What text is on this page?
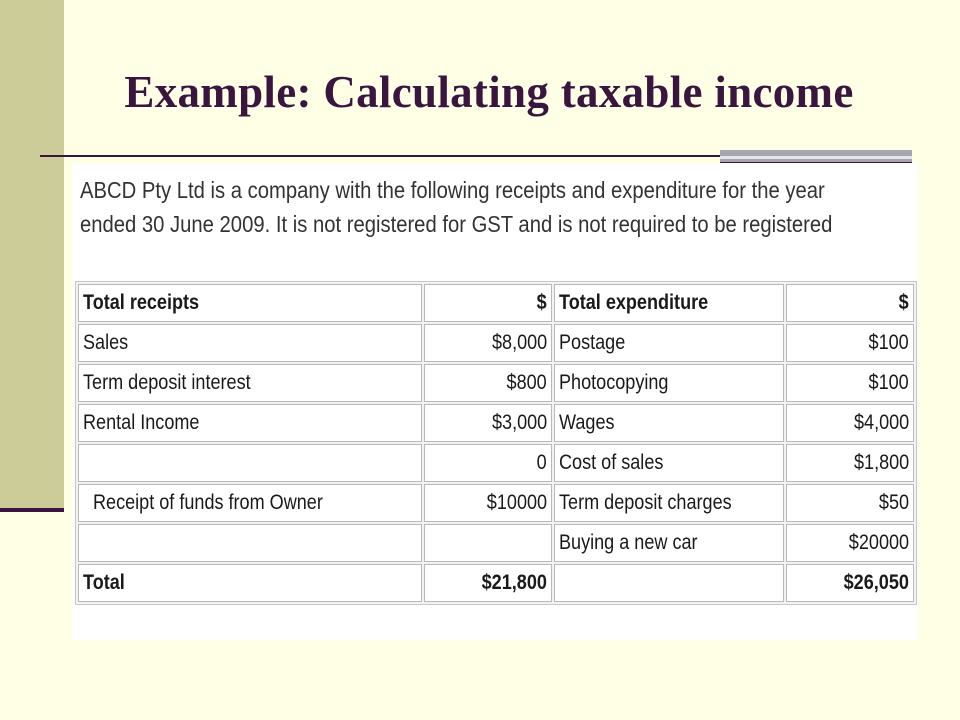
Example: Calculating taxable income

ABCD Pty Ltd is a company with the following receipts and expenditure for the year
ended 30 June 2009. It is not registered for GST and is not required to be registered

Total receipts	$	Total expenditure	$
Sales	$8,000	Postage	$100
Term deposit interest	$800	Photocopying	$100
Rental Income	$3,000	Wages	$4,000
	0	Cost of sales	$1,800
Receipt of funds from Owner	$10000	Term deposit charges	$50
		Buying a new car	$20000
Total	$21,800		$26,050
